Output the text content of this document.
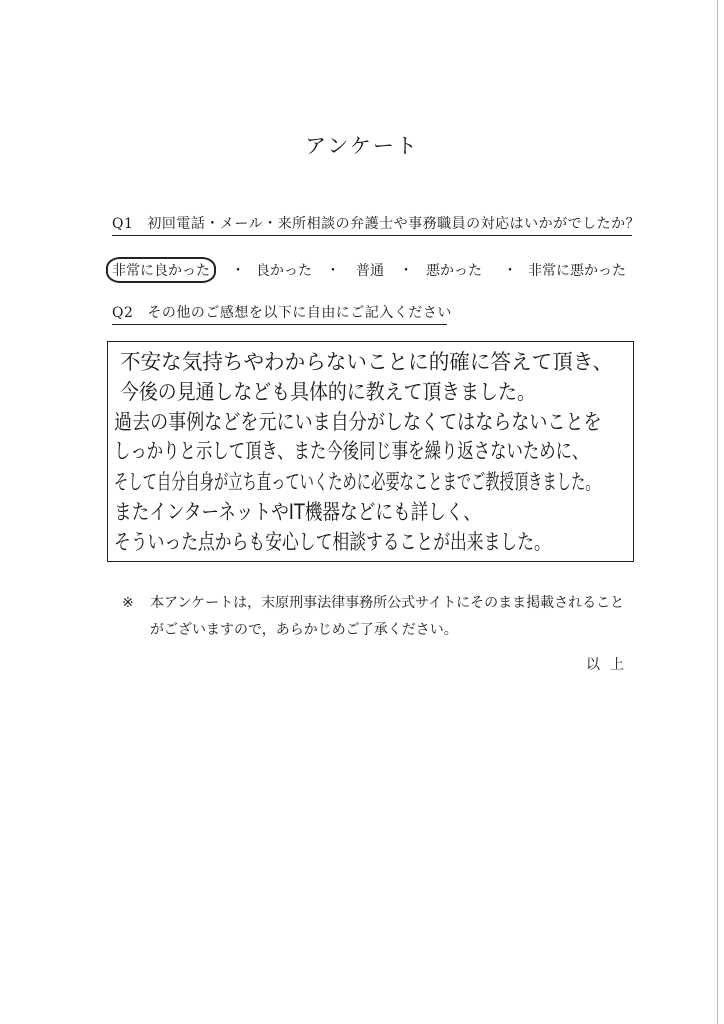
アンケート
Q1 初回電話・メール・来所相談の弁護士や事務職員の対応はいかがでしたか？
非常に良かった	・ 良かった ・ 普通 ・ 悪かった ・ 非常に悪かった
Q2 その他のご感想を以下に自由にご記入ください
不安な気持ちやわからないことに的確に答えて頂き、
今後の見通しなども具体的に教えて頂きました。
過去の事例などを元にいま自分がしなくてはならないことを
しっかりと示して頂き、また今後同じ事を繰り返さないために、
そして自分自身が立ち直っていくために必要なことまでご教授頂きました。
またインターネットやIT機器などにも詳しく、
そういった点からも安心して相談することが出来ました。
※ 本アンケートは，末原刑事法律事務所公式サイトにそのまま掲載されることがございますので，あらかじめご了承ください。
以上
